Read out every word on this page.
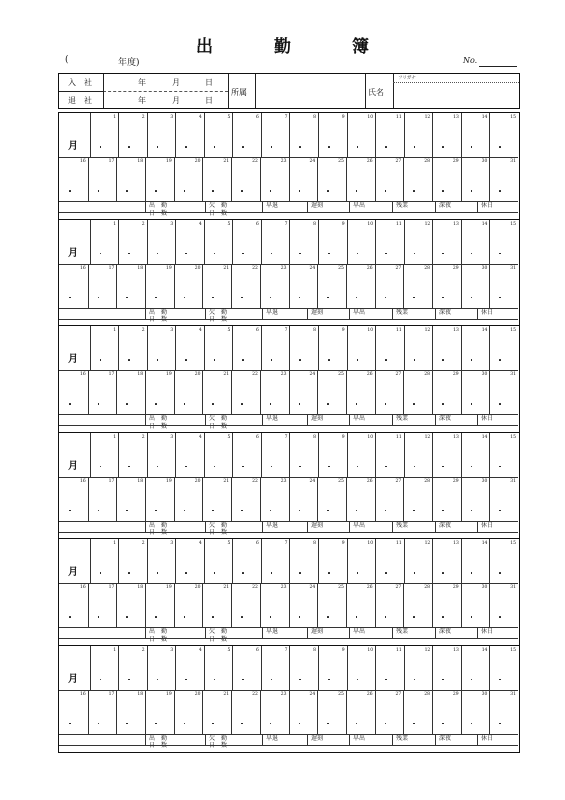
出　勤　簿
(	年度)	No.
入　社
退　社
年	月	日
年	月	日
所属	氏名
フリガナ
月
1	2	3	4	5	6	7	8	9	10	11	12	13	14	15
16	17	18	19	20	21	22	23	24	25	26	27	28	29	30	31
出　勤
日　数
欠　勤
日　数
早退	遅刻	早出	残業	深夜	休日
月
1	2	3	4	5	6	7	8	9	10	11	12	13	14	15
16	17	18	19	20	21	22	23	24	25	26	27	28	29	30	31
出　勤
日　数
欠　勤
日　数
早退	遅刻	早出	残業	深夜	休日
月
1	2	3	4	5	6	7	8	9	10	11	12	13	14	15
16	17	18	19	20	21	22	23	24	25	26	27	28	29	30	31
出　勤
日　数
欠　勤
日　数
早退	遅刻	早出	残業	深夜	休日
月
1	2	3	4	5	6	7	8	9	10	11	12	13	14	15
16	17	18	19	20	21	22	23	24	25	26	27	28	29	30	31
出　勤
日　数
欠　勤
日　数
早退	遅刻	早出	残業	深夜	休日
月
1	2	3	4	5	6	7	8	9	10	11	12	13	14	15
16	17	18	19	20	21	22	23	24	25	26	27	28	29	30	31
出　勤
日　数
欠　勤
日　数
早退	遅刻	早出	残業	深夜	休日
月
1	2	3	4	5	6	7	8	9	10	11	12	13	14	15
16	17	18	19	20	21	22	23	24	25	26	27	28	29	30	31
出　勤
日　数
欠　勤
日　数
早退	遅刻	早出	残業	深夜	休日
